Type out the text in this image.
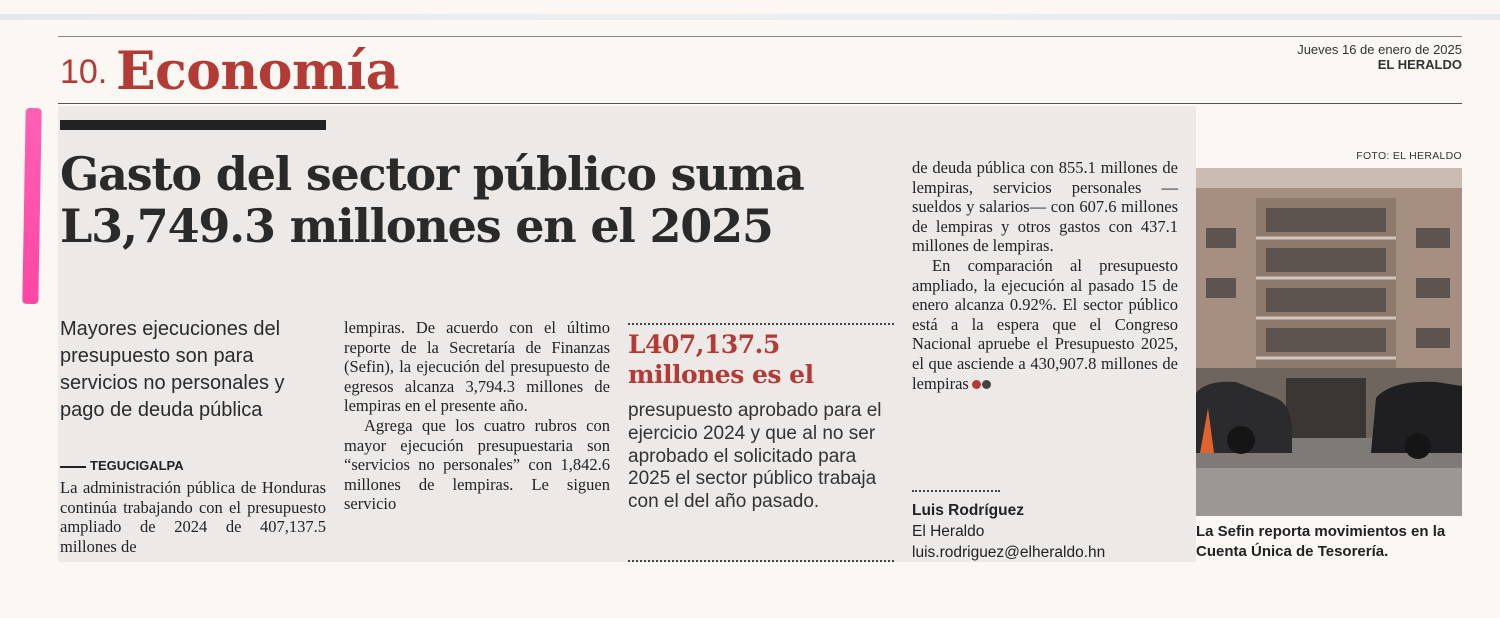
10. Economía	Jueves 16 de enero de 2025
EL HERALDO
Gasto del sector público suma L3,749.3 millones en el 2025
Mayores ejecuciones del presupuesto son para servicios no personales y pago de deuda pública
TEGUCIGALPA

La administración pública de Honduras continúa trabajando con el presupuesto ampliado de 2024 de 407,137.5 millones de

lempiras. De acuerdo con el último reporte de la Secretaría de Finanzas (Sefin), la ejecución del presupuesto de egresos alcanza 3,794.3 millones de lempiras en el presente año.

Agrega que los cuatro rubros con mayor ejecución presupuestaria son “servicios no personales” con 1,842.6 millones de lempiras. Le siguen servicio

L407,137.5 millones es el
presupuesto aprobado para el ejercicio 2024 y que al no ser aprobado el solicitado para 2025 el sector público trabaja con el del año pasado.

de deuda pública con 855.1 millones de lempiras, servicios personales —sueldos y salarios— con 607.6 millones de lempiras y otros gastos con 437.1 millones de lempiras.

En comparación al presupuesto ampliado, la ejecución al pasado 15 de enero alcanza 0.92%. El sector público está a la espera que el Congreso Nacional apruebe el Presupuesto 2025, el que asciende a 430,907.8 millones de lempiras

Luis Rodríguez
El Heraldo
luis.rodriguez@elheraldo.hn
FOTO: EL HERALDO
La Sefin reporta movimientos en la Cuenta Única de Tesorería.
